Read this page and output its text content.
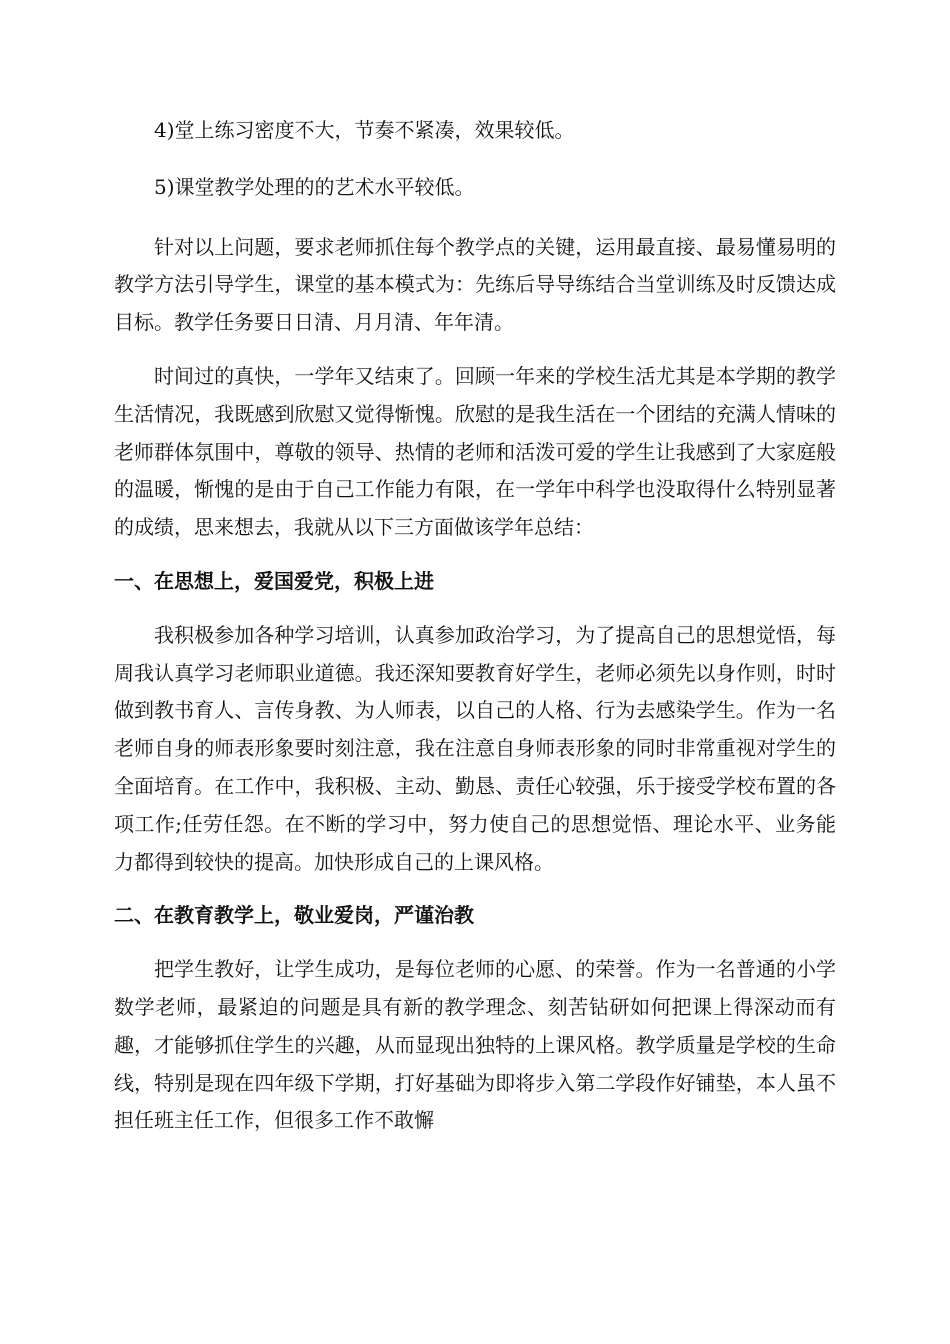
4)堂上练习密度不大，节奏不紧凑，效果较低。

5)课堂教学处理的的艺术水平较低。

针对以上问题，要求老师抓住每个教学点的关键，运用最直接、最易懂易明的教学方法引导学生，课堂的基本模式为：先练后导导练结合当堂训练及时反馈达成目标。教学任务要日日清、月月清、年年清。

时间过的真快，一学年又结束了。回顾一年来的学校生活尤其是本学期的教学生活情况，我既感到欣慰又觉得惭愧。欣慰的是我生活在一个团结的充满人情味的老师群体氛围中，尊敬的领导、热情的老师和活泼可爱的学生让我感到了大家庭般的温暖，惭愧的是由于自己工作能力有限，在一学年中科学也没取得什么特别显著的成绩，思来想去，我就从以下三方面做该学年总结：

一、在思想上，爱国爱党，积极上进

我积极参加各种学习培训，认真参加政治学习，为了提高自己的思想觉悟，每周我认真学习老师职业道德。我还深知要教育好学生，老师必须先以身作则，时时做到教书育人、言传身教、为人师表，以自己的人格、行为去感染学生。作为一名老师自身的师表形象要时刻注意，我在注意自身师表形象的同时非常重视对学生的全面培育。在工作中，我积极、主动、勤恳、责任心较强，乐于接受学校布置的各项工作;任劳任怨。在不断的学习中，努力使自己的思想觉悟、理论水平、业务能力都得到较快的提高。加快形成自己的上课风格。

二、在教育教学上，敬业爱岗，严谨治教

把学生教好，让学生成功，是每位老师的心愿、的荣誉。作为一名普通的小学数学老师，最紧迫的问题是具有新的教学理念、刻苦钻研如何把课上得深动而有趣，才能够抓住学生的兴趣，从而显现出独特的上课风格。教学质量是学校的生命线，特别是现在四年级下学期，打好基础为即将步入第二学段作好铺垫，本人虽不担任班主任工作，但很多工作不敢懈
